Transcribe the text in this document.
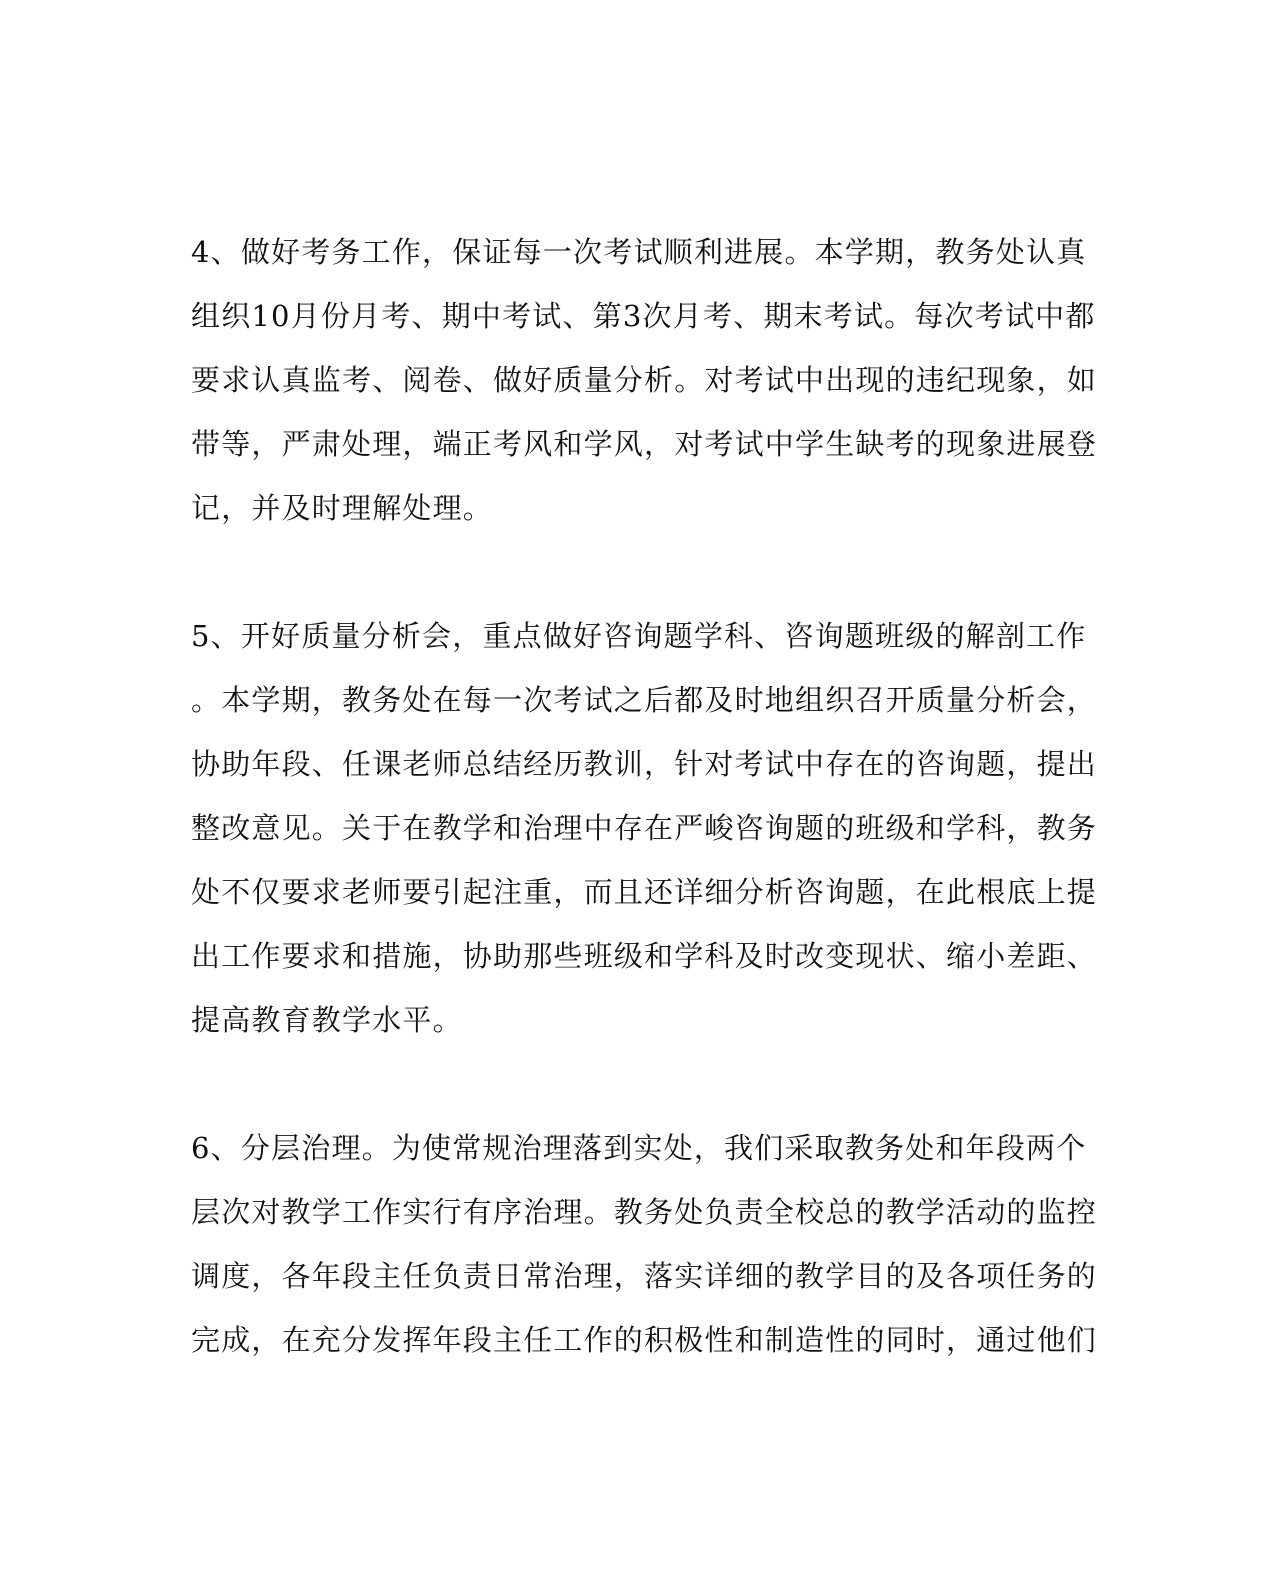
4、做好考务工作，保证每一次考试顺利进展。本学期，教务处认真
组织10月份月考、期中考试、第3次月考、期末考试。每次考试中都
要求认真监考、阅卷、做好质量分析。对考试中出现的违纪现象，如
带等，严肃处理，端正考风和学风，对考试中学生缺考的现象进展登
记，并及时理解处理。
5、开好质量分析会，重点做好咨询题学科、咨询题班级的解剖工作
。本学期，教务处在每一次考试之后都及时地组织召开质量分析会，
协助年段、任课老师总结经历教训，针对考试中存在的咨询题，提出
整改意见。关于在教学和治理中存在严峻咨询题的班级和学科，教务
处不仅要求老师要引起注重，而且还详细分析咨询题，在此根底上提
出工作要求和措施，协助那些班级和学科及时改变现状、缩小差距、
提高教育教学水平。
6、分层治理。为使常规治理落到实处，我们采取教务处和年段两个
层次对教学工作实行有序治理。教务处负责全校总的教学活动的监控
调度，各年段主任负责日常治理，落实详细的教学目的及各项任务的
完成，在充分发挥年段主任工作的积极性和制造性的同时，通过他们
